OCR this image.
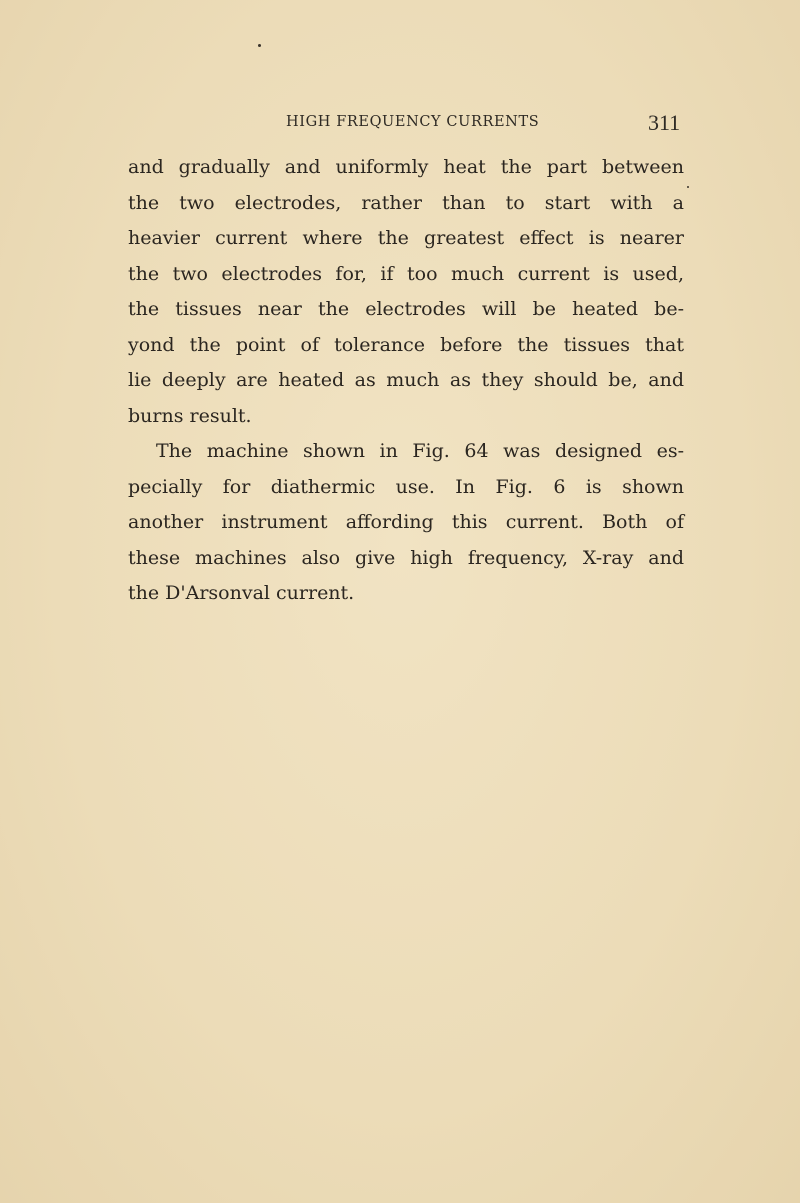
HIGH FREQUENCY CURRENTS	311
and gradually and uniformly heat the part between
the two electrodes, rather than to start with a
heavier current where the greatest effect is nearer
the two electrodes for, if too much current is used,
the tissues near the electrodes will be heated be-
yond the point of tolerance before the tissues that
lie deeply are heated as much as they should be, and
burns result.
The machine shown in Fig. 64 was designed es-
pecially for diathermic use. In Fig. 6 is shown
another instrument affording this current. Both of
these machines also give high frequency, X-ray and
the D'Arsonval current.
